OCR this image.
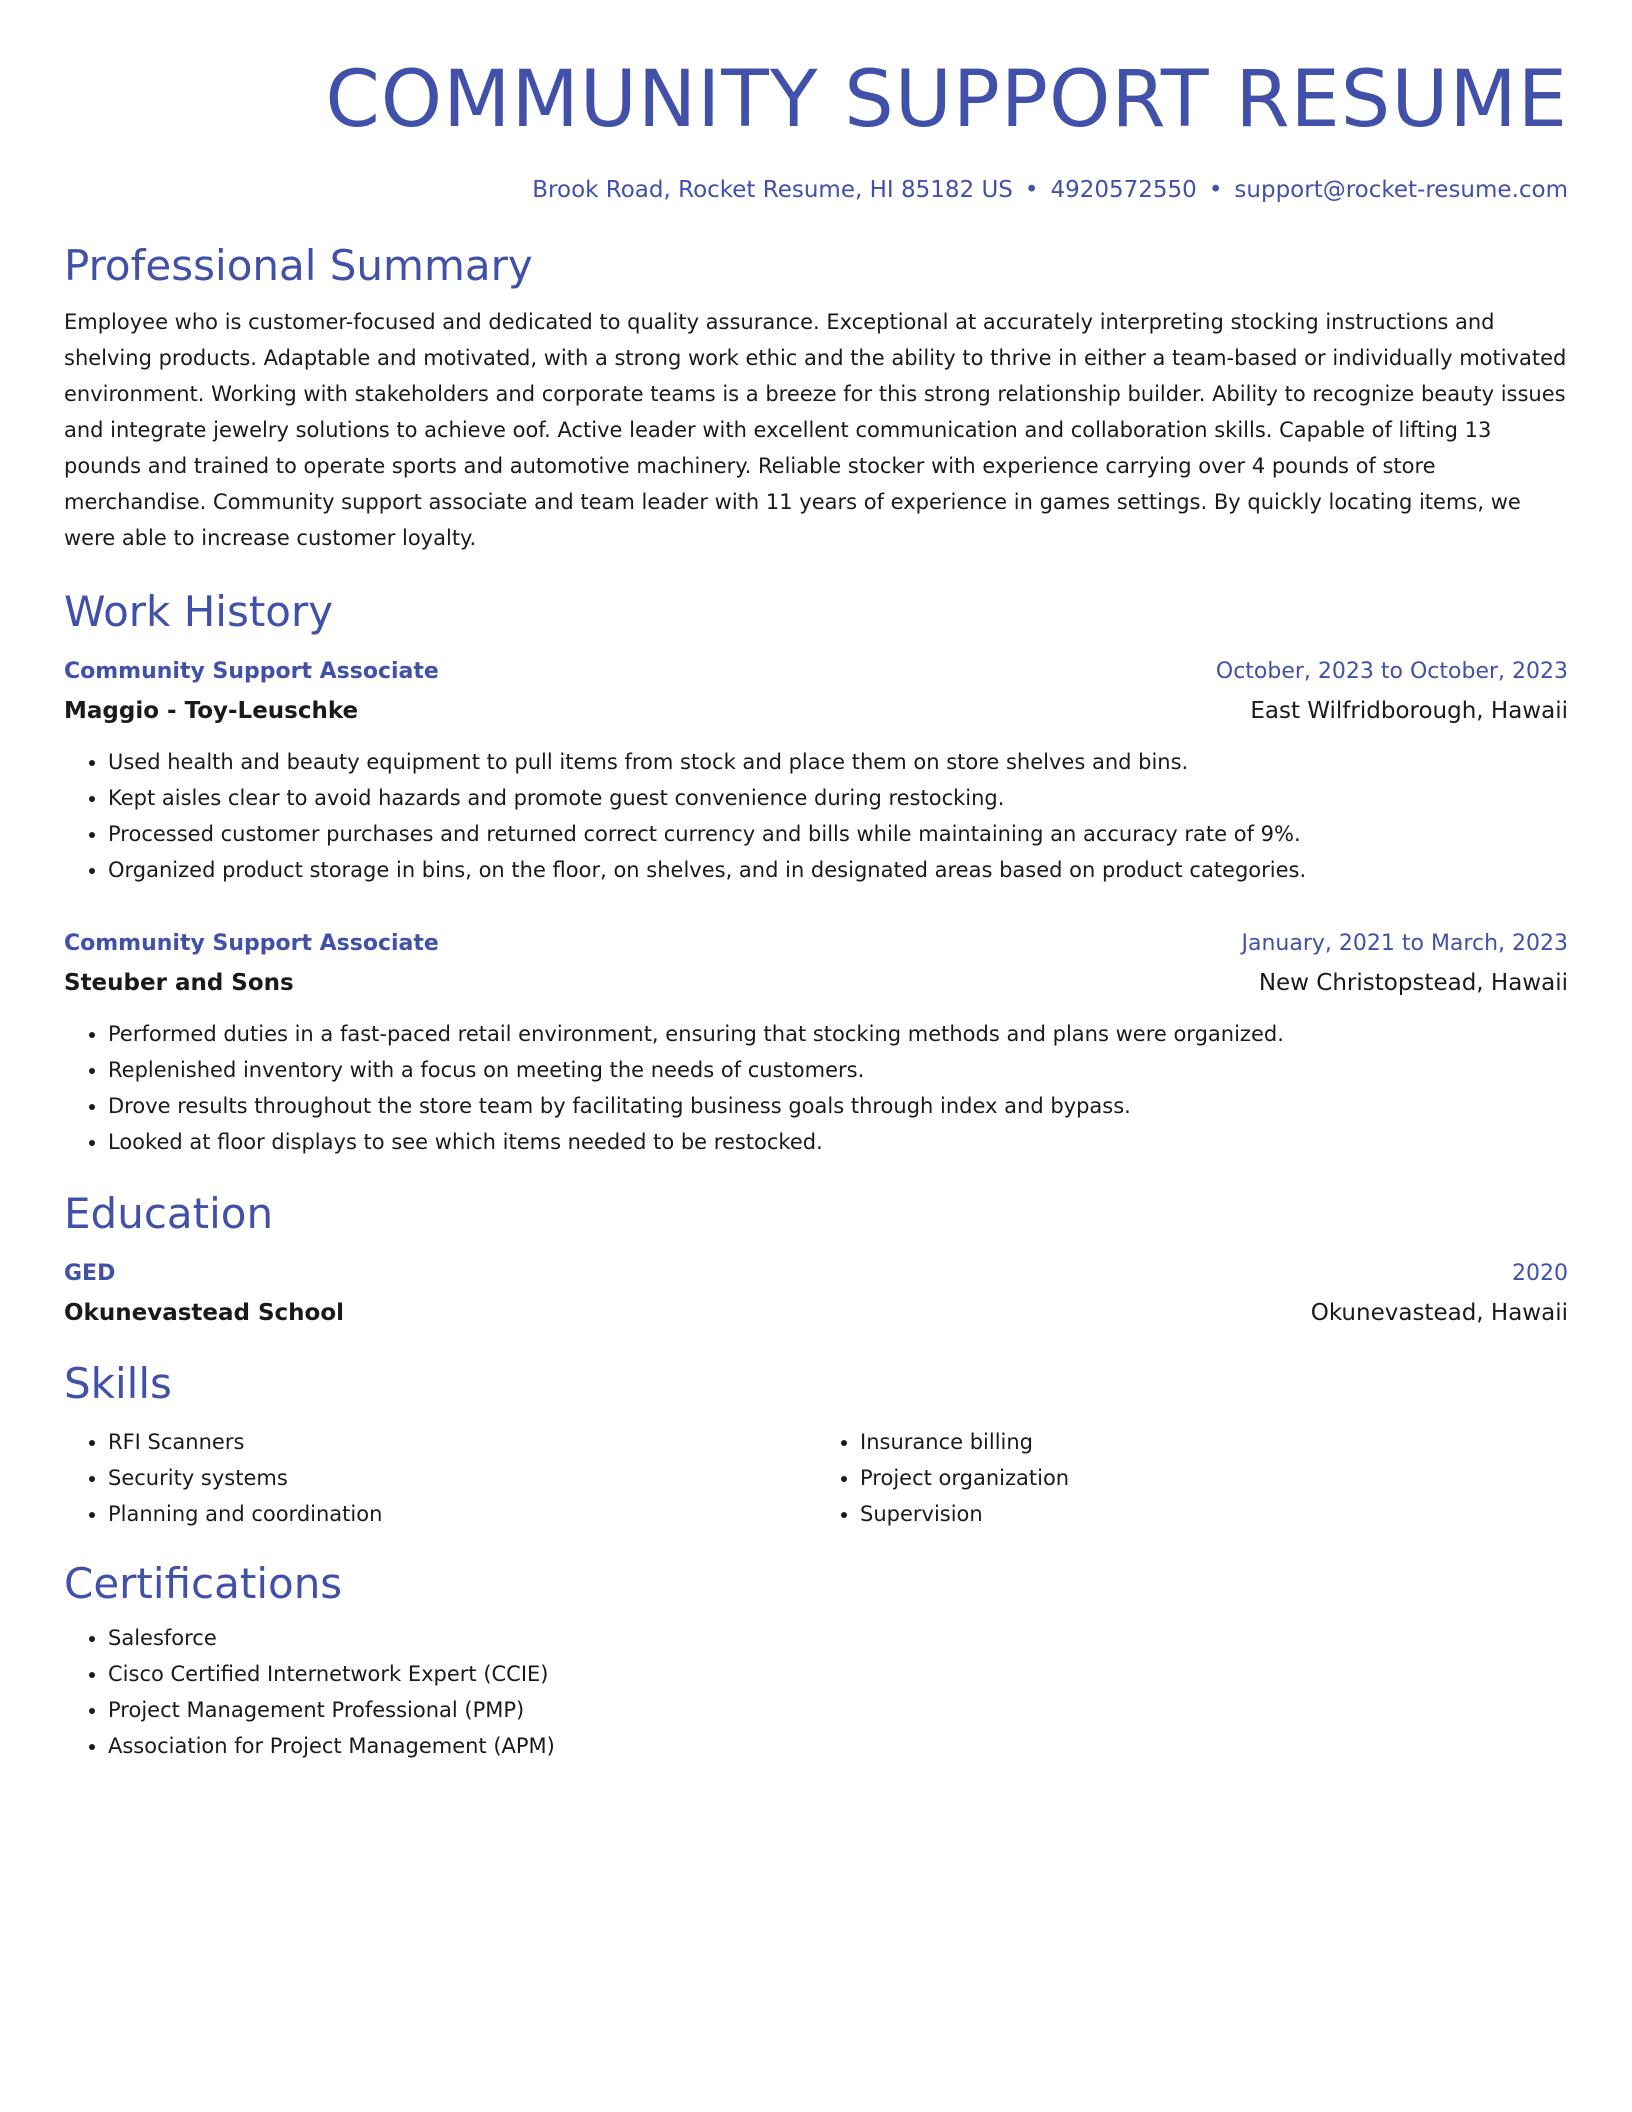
COMMUNITY SUPPORT RESUME
Brook Road, Rocket Resume, HI 85182 US • 4920572550 • support@rocket-resume.com
Professional Summary

Employee who is customer-focused and dedicated to quality assurance. Exceptional at accurately interpreting stocking instructions and shelving products. Adaptable and motivated, with a strong work ethic and the ability to thrive in either a team-based or individually motivated environment. Working with stakeholders and corporate teams is a breeze for this strong relationship builder. Ability to recognize beauty issues and integrate jewelry solutions to achieve oof. Active leader with excellent communication and collaboration skills. Capable of lifting 13 pounds and trained to operate sports and automotive machinery. Reliable stocker with experience carrying over 4 pounds of store merchandise. Community support associate and team leader with 11 years of experience in games settings. By quickly locating items, we were able to increase customer loyalty.

Work History
Community Support Associate	October, 2023 to October, 2023
Maggio - Toy-Leuschke	East Wilfridborough, Hawaii
• Used health and beauty equipment to pull items from stock and place them on store shelves and bins.
• Kept aisles clear to avoid hazards and promote guest convenience during restocking.
• Processed customer purchases and returned correct currency and bills while maintaining an accuracy rate of 9%.
• Organized product storage in bins, on the floor, on shelves, and in designated areas based on product categories.
Community Support Associate	January, 2021 to March, 2023
Steuber and Sons	New Christopstead, Hawaii
• Performed duties in a fast-paced retail environment, ensuring that stocking methods and plans were organized.
• Replenished inventory with a focus on meeting the needs of customers.
• Drove results throughout the store team by facilitating business goals through index and bypass.
• Looked at floor displays to see which items needed to be restocked.
Education
GED	2020
Okunevastead School	Okunevastead, Hawaii
Skills
• RFI Scanners
• Security systems
• Planning and coordination
• Insurance billing
• Project organization
• Supervision
Certifications
• Salesforce
• Cisco Certified Internetwork Expert (CCIE)
• Project Management Professional (PMP)
• Association for Project Management (APM)
